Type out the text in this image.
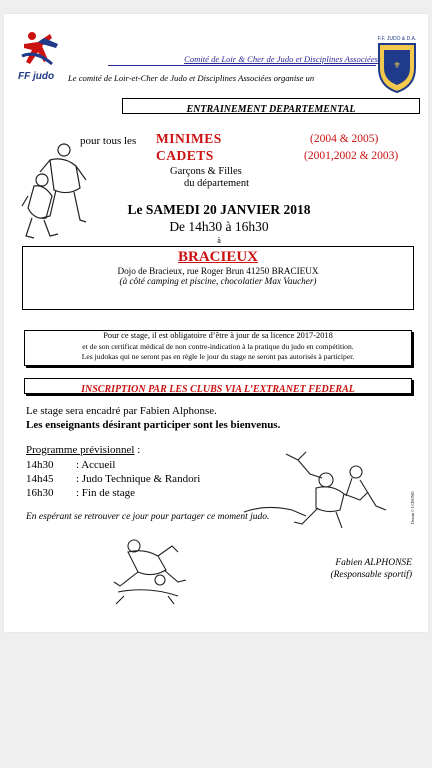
FF judo
Comité de Loir & Cher de Judo et Disciplines Associées
Le comité de Loir-et-Cher de Judo et Disciplines Associées organise un
F.F. JUDO & D.A.
⚜
ENTRAINEMENT DEPARTEMENTAL
pour tous les MINIMES	(2004 & 2005)
CADETS	(2001,2002 & 2003)
Garçons & Filles
du département
Le SAMEDI 20 JANVIER 2018
De 14h30 à 16h30
à
BRACIEUX
Dojo de Bracieux, rue Roger Brun 41250 BRACIEUX
(à côté camping et piscine, chocolatier Max Vaucher)
Pour ce stage, il est obligatoire d’être à jour de sa licence 2017-2018
et de son certificat médical de non contre-indication à la pratique du judo en compétition.
Les judokas qui ne seront pas en règle le jour du stage ne seront pas autorisés à participer.
INSCRIPTION PAR LES CLUBS VIA L’EXTRANET FEDERAL
Le stage sera encadré par Fabien Alphonse.
Les enseignants désirant participer sont les bienvenus.
Programme prévisionnel :
14h30 : Accueil
14h45 : Judo Technique & Randori
16h30 : Fin de stage	Dessin © J.CRONO
En espérant se retrouver ce jour pour partager ce moment judo.
Fabien ALPHONSE
(Responsable sportif)
